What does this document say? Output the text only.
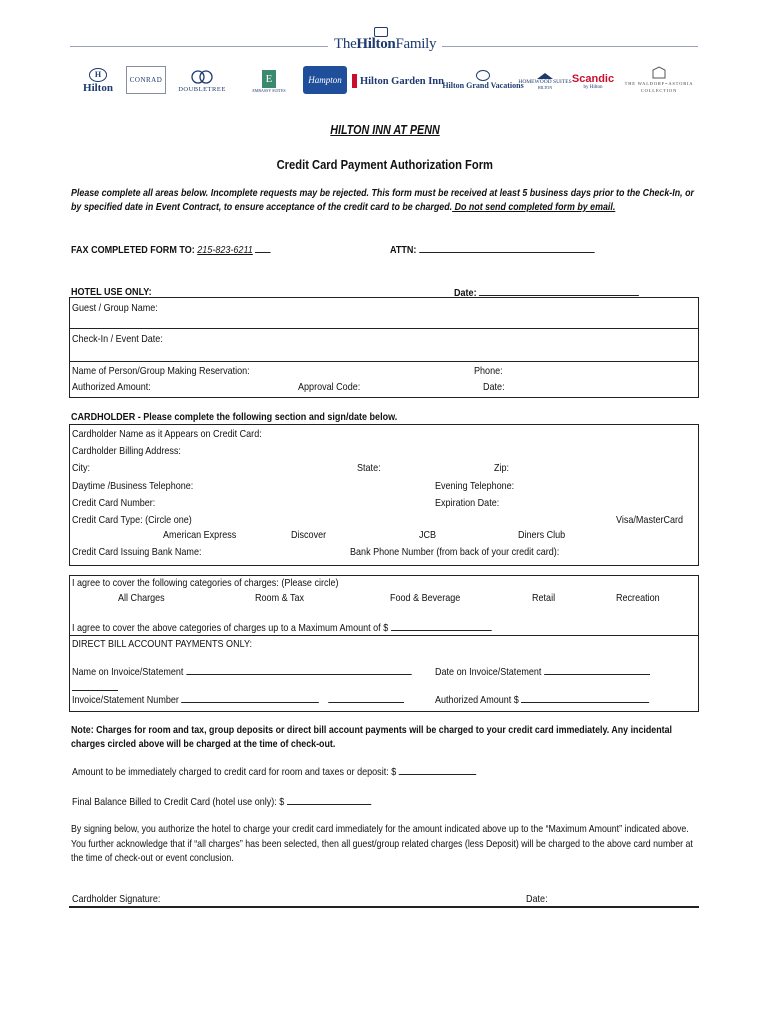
TheHiltonFamily
H
Hilton
CONRAD
DOUBLETREE
E
EMBASSY SUITES
Hampton Hilton Garden Inn
Hilton Grand Vacations
HOMEWOOD SUITES
HILTON
Scandic
by Hilton
THE WALDORF=ASTORIA COLLECTION
HILTON INN AT PENN
Credit Card Payment Authorization Form
Please complete all areas below. Incomplete requests may be rejected. This form must be received at least 5 business days prior to the Check-In, or by specified date in Event Contract, to ensure acceptance of the credit card to be charged. Do not send completed form by email.
FAX COMPLETED FORM TO: 215-823-6211	ATTN:
HOTEL USE ONLY:	Date:
Guest / Group Name:
Check-In / Event Date:
Name of Person/Group Making Reservation:	Phone:
Authorized Amount:	Approval Code:	Date:
CARDHOLDER - Please complete the following section and sign/date below.
Cardholder Name as it Appears on Credit Card:
Cardholder Billing Address:
City:	State:	Zip:
Daytime /Business Telephone:	Evening Telephone:
Credit Card Number:	Expiration Date:
Credit Card Type: (Circle one)	Visa/MasterCard
American Express	Discover	JCB	Diners Club
Credit Card Issuing Bank Name:	Bank Phone Number (from back of your credit card):
I agree to cover the following categories of charges: (Please circle)
All Charges	Room & Tax	Food & Beverage	Retail	Recreation
I agree to cover the above categories of charges up to a Maximum Amount of $
DIRECT BILL ACCOUNT PAYMENTS ONLY:
Name on Invoice/Statement	Date on Invoice/Statement
Invoice/Statement Number	Authorized Amount $
Note: Charges for room and tax, group deposits or direct bill account payments will be charged to your credit card immediately. Any incidental charges circled above will be charged at the time of check-out.
Amount to be immediately charged to credit card for room and taxes or deposit: $
Final Balance Billed to Credit Card (hotel use only): $
By signing below, you authorize the hotel to charge your credit card immediately for the amount indicated above up to the “Maximum Amount” indicated above. You further acknowledge that if “all charges” has been selected, then all guest/group related charges (less Deposit) will be charged to the above card number at the time of check-out or event conclusion.
Cardholder Signature:	Date:
